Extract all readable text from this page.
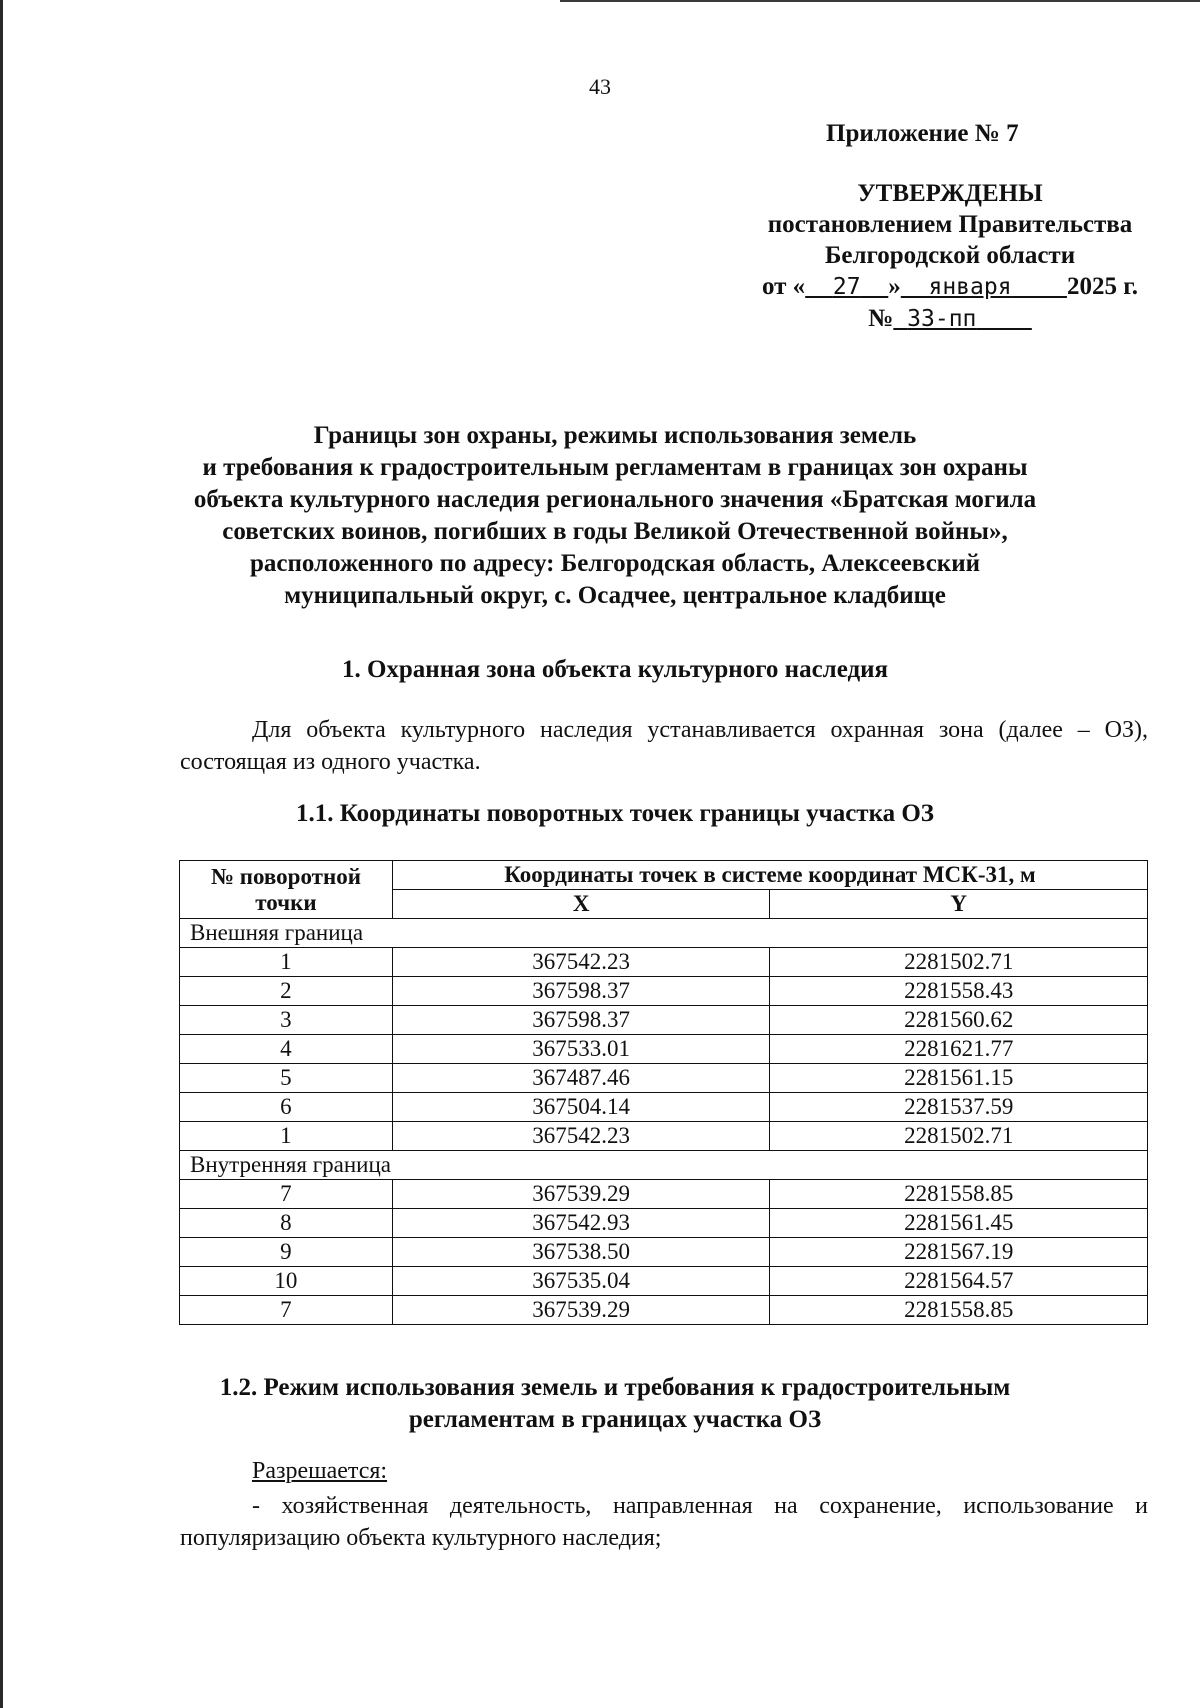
43
Приложение № 7
УТВЕРЖДЕНЫ
постановлением Правительства
Белгородской области
от « 27 » января 2025 г.
№ 33-пп
Границы зон охраны, режимы использования земель
и требования к градостроительным регламентам в границах зон охраны
объекта культурного наследия регионального значения «Братская могила
советских воинов, погибших в годы Великой Отечественной войны»,
расположенного по адресу: Белгородская область, Алексеевский
муниципальный округ, с. Осадчее, центральное кладбище
1. Охранная зона объекта культурного наследия
Для объекта культурного наследия устанавливается охранная зона (далее – ОЗ), состоящая из одного участка.
1.1. Координаты поворотных точек границы участка ОЗ
№ поворотной точки	Координаты точек в системе координат МСК-31, м	
	X	Y
Внешняя граница		
1	367542.23	2281502.71
2	367598.37	2281558.43
3	367598.37	2281560.62
4	367533.01	2281621.77
5	367487.46	2281561.15
6	367504.14	2281537.59
1	367542.23	2281502.71
Внутренняя граница		
7	367539.29	2281558.85
8	367542.93	2281561.45
9	367538.50	2281567.19
10	367535.04	2281564.57
7	367539.29	2281558.85
1.2. Режим использования земель и требования к градостроительным
регламентам в границах участка ОЗ
Разрешается:
- хозяйственная деятельность, направленная на сохранение, использование и популяризацию объекта культурного наследия;
